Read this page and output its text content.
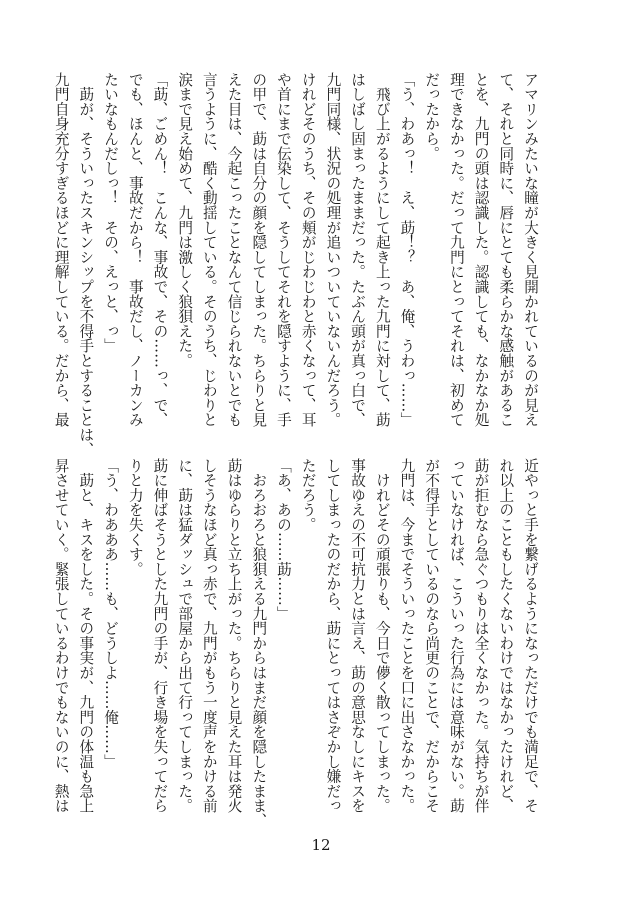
アマリンみたいな瞳が大きく見開かれているのが見え

て、それと同時に、唇にとても柔らかな感触があるこ

とを、九門の頭は認識した。認識しても、なかなか処

理できなかった。だって九門にとってそれは、初めて

だったから。

「う、わあっ！　え、莇！？　あ、俺、うわっ……」

　飛び上がるようにして起き上った九門に対して、莇

はしばし固まったままだった。たぶん頭が真っ白で、

九門同様、状況の処理が追いついていないんだろう。

けれどそのうち、その頬がじわじわと赤くなって、耳

や首にまで伝染して、そうしてそれを隠すように、手

の甲で、莇は自分の顔を隠してしまった。ちらりと見

えた目は、今起こったことなんて信じられないとでも

言うように、酷く動揺している。そのうち、じわりと

涙まで見え始めて、九門は激しく狼狽えた。

「莇、ごめん！　こんな、事故で、その……っ、で、

でも、ほんと、事故だから！　事故だし、ノーカンみ

たいなもんだしっ！　その、えっと、っ」

　莇が、そういったスキンシップを不得手とすることは、

九門自身充分すぎるほどに理解している。だから、最

近やっと手を繋げるようになっただけでも満足で、そ

れ以上のこともしたくないわけではなかったけれど、

莇が拒むなら急ぐつもりは全くなかった。気持ちが伴

っていなければ、こういった行為には意味がない。莇

が不得手としているのなら尚更のことで、だからこそ

九門は、今までそういったことを口に出さなかった。

　けれどその頑張りも、今日で儚く散ってしまった。

事故ゆえの不可抗力とは言え、莇の意思なしにキスを

してしまったのだから、莇にとってはさぞかし嫌だっ

ただろう。

「あ、あの……莇……」

　おろおろと狼狽える九門からはまだ顔を隠したまま、

莇はゆらりと立ち上がった。ちらりと見えた耳は発火

しそうなほど真っ赤で、九門がもう一度声をかける前

に、莇は猛ダッシュで部屋から出て行ってしまった。

莇に伸ばそうとした九門の手が、行き場を失ってだら

りと力を失くす。

「う、わあああ……も、どうしよ……俺……」

　莇と、キスをした。その事実が、九門の体温も急上

昇させていく。緊張しているわけでもないのに、熱は

12
